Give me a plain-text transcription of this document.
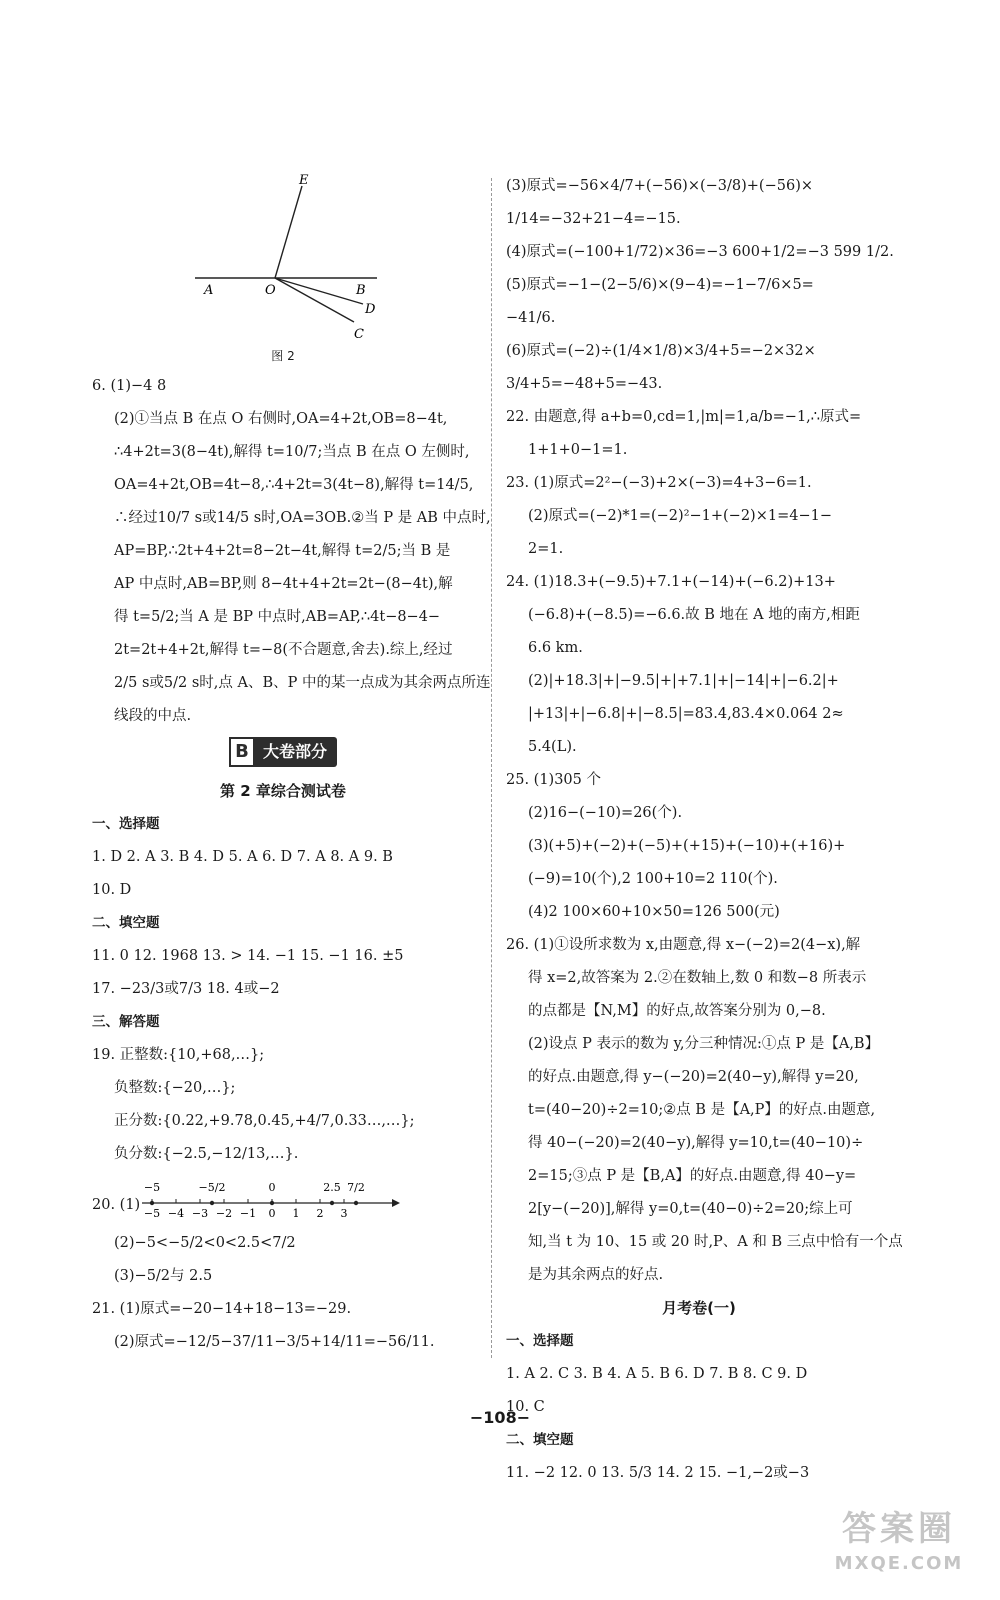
E
A	O	B
D
C
图 2

6. (1)−4 8

(2)①当点 B 在点 O 右侧时,OA=4+2t,OB=8−4t,

∴4+2t=3(8−4t),解得 t=10/7;当点 B 在点 O 左侧时,

OA=4+2t,OB=4t−8,∴4+2t=3(4t−8),解得 t=14/5,

∴经过10/7 s或14/5 s时,OA=3OB.②当 P 是 AB 中点时,

AP=BP,∴2t+4+2t=8−2t−4t,解得 t=2/5;当 B 是

AP 中点时,AB=BP,则 8−4t+4+2t=2t−(8−4t),解

得 t=5/2;当 A 是 BP 中点时,AB=AP,∴4t−8−4−

2t=2t+4+2t,解得 t=−8(不合题意,舍去).综上,经过

2/5 s或5/2 s时,点 A、B、P 中的某一点成为其余两点所连

线段的中点.

B 大卷部分

第 2 章综合测试卷

一、选择题

1. D 2. A 3. B 4. D 5. A 6. D 7. A 8. A 9. B

10. D

二、填空题

11. 0 12. 1968 13. > 14. −1 15. −1 16. ±5

17. −23/3或7/3 18. 4或−2

三、解答题

19. 正整数:{10,+68,…};

负整数:{−20,…};

正分数:{0.22,+9.78,0.45,+4/7,0.33…,…};

负分数:{−2.5,−12/13,…}.

20. (1)
−5 −4 −3 −2 −1 0 1 2 3
−5	−5/2	0	2.5 7/2

(2)−5<−5/2<0<2.5<7/2

(3)−5/2与 2.5

21. (1)原式=−20−14+18−13=−29.

(2)原式=−12/5−37/11−3/5+14/11=−56/11.

(3)原式=−56×4/7+(−56)×(−3/8)+(−56)×

1/14=−32+21−4=−15.

(4)原式=(−100+1/72)×36=−3 600+1/2=−3 599 1/2.

(5)原式=−1−(2−5/6)×(9−4)=−1−7/6×5=

−41/6.

(6)原式=(−2)÷(1/4×1/8)×3/4+5=−2×32×

3/4+5=−48+5=−43.

22. 由题意,得 a+b=0,cd=1,|m|=1,a/b=−1,∴原式=

1+1+0−1=1.

23. (1)原式=2²−(−3)+2×(−3)=4+3−6=1.

(2)原式=(−2)*1=(−2)²−1+(−2)×1=4−1−

2=1.

24. (1)18.3+(−9.5)+7.1+(−14)+(−6.2)+13+

(−6.8)+(−8.5)=−6.6.故 B 地在 A 地的南方,相距

6.6 km.

(2)|+18.3|+|−9.5|+|+7.1|+|−14|+|−6.2|+

|+13|+|−6.8|+|−8.5|=83.4,83.4×0.064 2≈

5.4(L).

25. (1)305 个

(2)16−(−10)=26(个).

(3)(+5)+(−2)+(−5)+(+15)+(−10)+(+16)+

(−9)=10(个),2 100+10=2 110(个).

(4)2 100×60+10×50=126 500(元)

26. (1)①设所求数为 x,由题意,得 x−(−2)=2(4−x),解

得 x=2,故答案为 2.②在数轴上,数 0 和数−8 所表示

的点都是【N,M】的好点,故答案分别为 0,−8.

(2)设点 P 表示的数为 y,分三种情况:①点 P 是【A,B】

的好点.由题意,得 y−(−20)=2(40−y),解得 y=20,

t=(40−20)÷2=10;②点 B 是【A,P】的好点.由题意,

得 40−(−20)=2(40−y),解得 y=10,t=(40−10)÷

2=15;③点 P 是【B,A】的好点.由题意,得 40−y=

2[y−(−20)],解得 y=0,t=(40−0)÷2=20;综上可

知,当 t 为 10、15 或 20 时,P、A 和 B 三点中恰有一个点

是为其余两点的好点.

月考卷(一)

一、选择题

1. A 2. C 3. B 4. A 5. B 6. D 7. B 8. C 9. D

10. C

二、填空题

11. −2 12. 0 13. 5/3 14. 2 15. −1,−2或−3

−108−
答案圈
MXQE.COM
